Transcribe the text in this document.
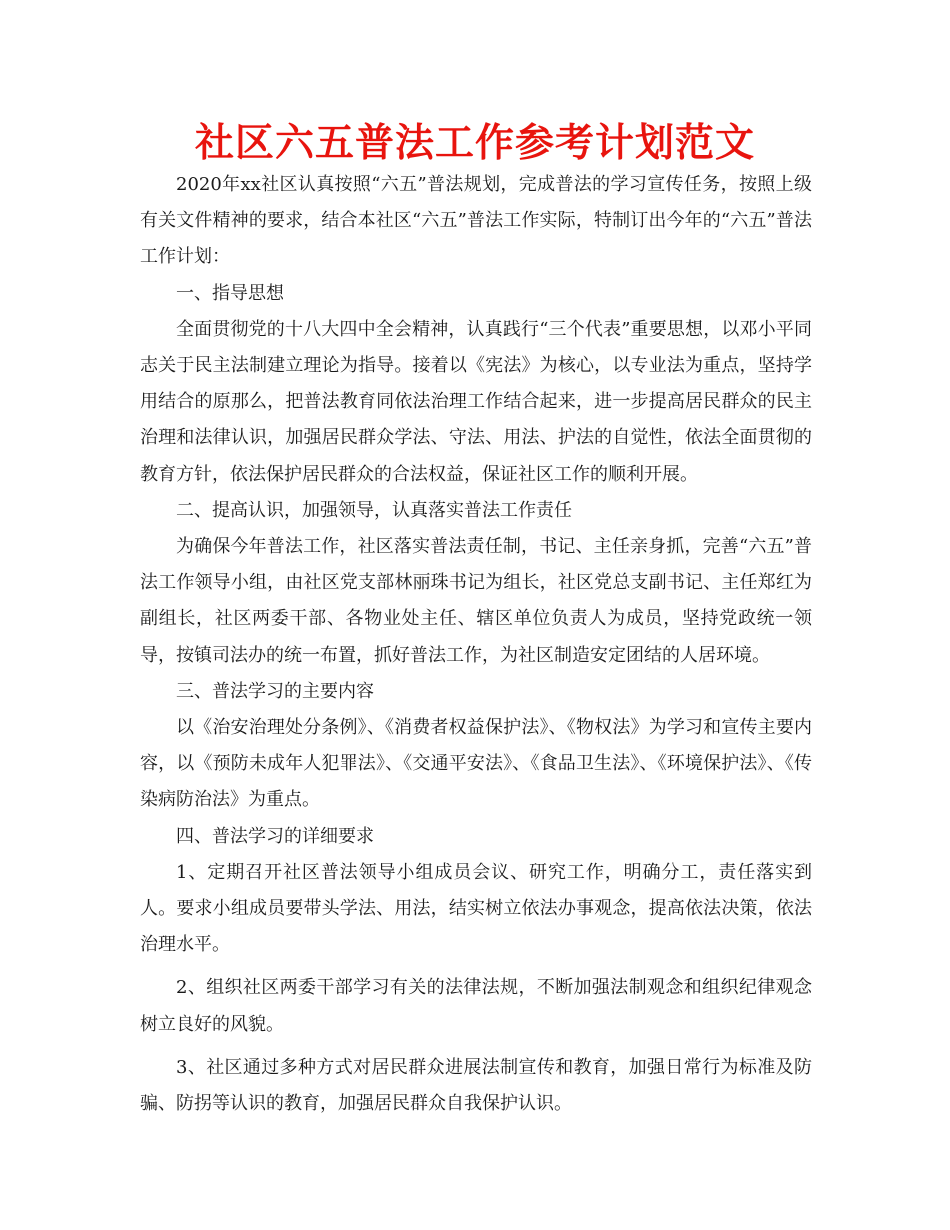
社区六五普法工作参考计划范文

2020年xx社区认真按照“六五”普法规划，完成普法的学习宣传任务，按照上级有关文件精神的要求，结合本社区“六五”普法工作实际，特制订出今年的“六五”普法工作计划：

一、指导思想

全面贯彻党的十八大四中全会精神，认真践行“三个代表”重要思想，以邓小平同志关于民主法制建立理论为指导。接着以《宪法》为核心，以专业法为重点，坚持学用结合的原那么，把普法教育同依法治理工作结合起来，进一步提高居民群众的民主治理和法律认识，加强居民群众学法、守法、用法、护法的自觉性，依法全面贯彻的教育方针，依法保护居民群众的合法权益，保证社区工作的顺利开展。

二、提高认识，加强领导，认真落实普法工作责任

为确保今年普法工作，社区落实普法责任制，书记、主任亲身抓，完善“六五”普法工作领导小组，由社区党支部林丽珠书记为组长，社区党总支副书记、主任郑红为副组长，社区两委干部、各物业处主任、辖区单位负责人为成员，坚持党政统一领导，按镇司法办的统一布置，抓好普法工作，为社区制造安定团结的人居环境。

三、普法学习的主要内容

以《治安治理处分条例》、《消费者权益保护法》、《物权法》为学习和宣传主要内容，以《预防未成年人犯罪法》、《交通平安法》、《食品卫生法》、《环境保护法》、《传染病防治法》为重点。

四、普法学习的详细要求

1、定期召开社区普法领导小组成员会议、研究工作，明确分工，责任落实到人。要求小组成员要带头学法、用法，结实树立依法办事观念，提高依法决策，依法治理水平。

2、组织社区两委干部学习有关的法律法规，不断加强法制观念和组织纪律观念树立良好的风貌。

3、社区通过多种方式对居民群众进展法制宣传和教育，加强日常行为标准及防骗、防拐等认识的教育，加强居民群众自我保护认识。
